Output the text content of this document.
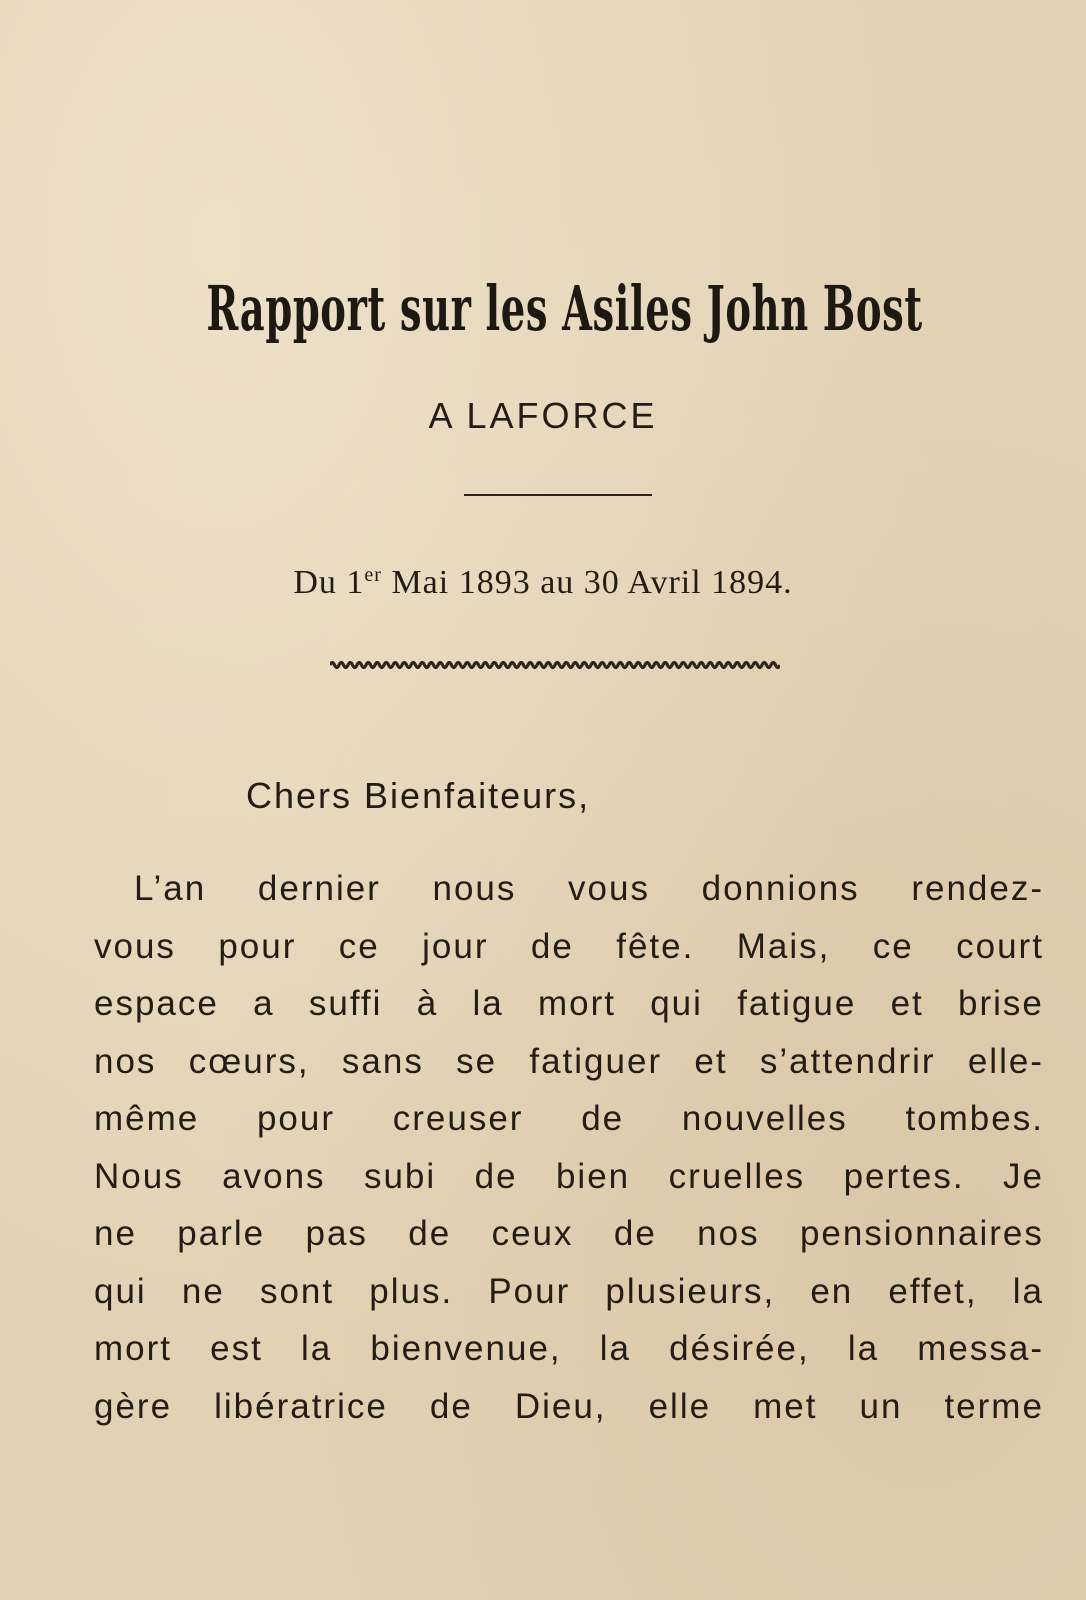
Rapport sur les Asiles John Bost
A LAFORCE
Du 1er Mai 1893 au 30 Avril 1894.
Chers Bienfaiteurs,
L’an dernier nous vous donnions rendez-
vous pour ce jour de fête. Mais, ce court
espace a suffi à la mort qui fatigue et brise
nos cœurs, sans se fatiguer et s’attendrir elle-
même pour creuser de nouvelles tombes.
Nous avons subi de bien cruelles pertes. Je
ne parle pas de ceux de nos pensionnaires
qui ne sont plus. Pour plusieurs, en effet, la
mort est la bienvenue, la désirée, la messa-
gère libératrice de Dieu, elle met un terme
